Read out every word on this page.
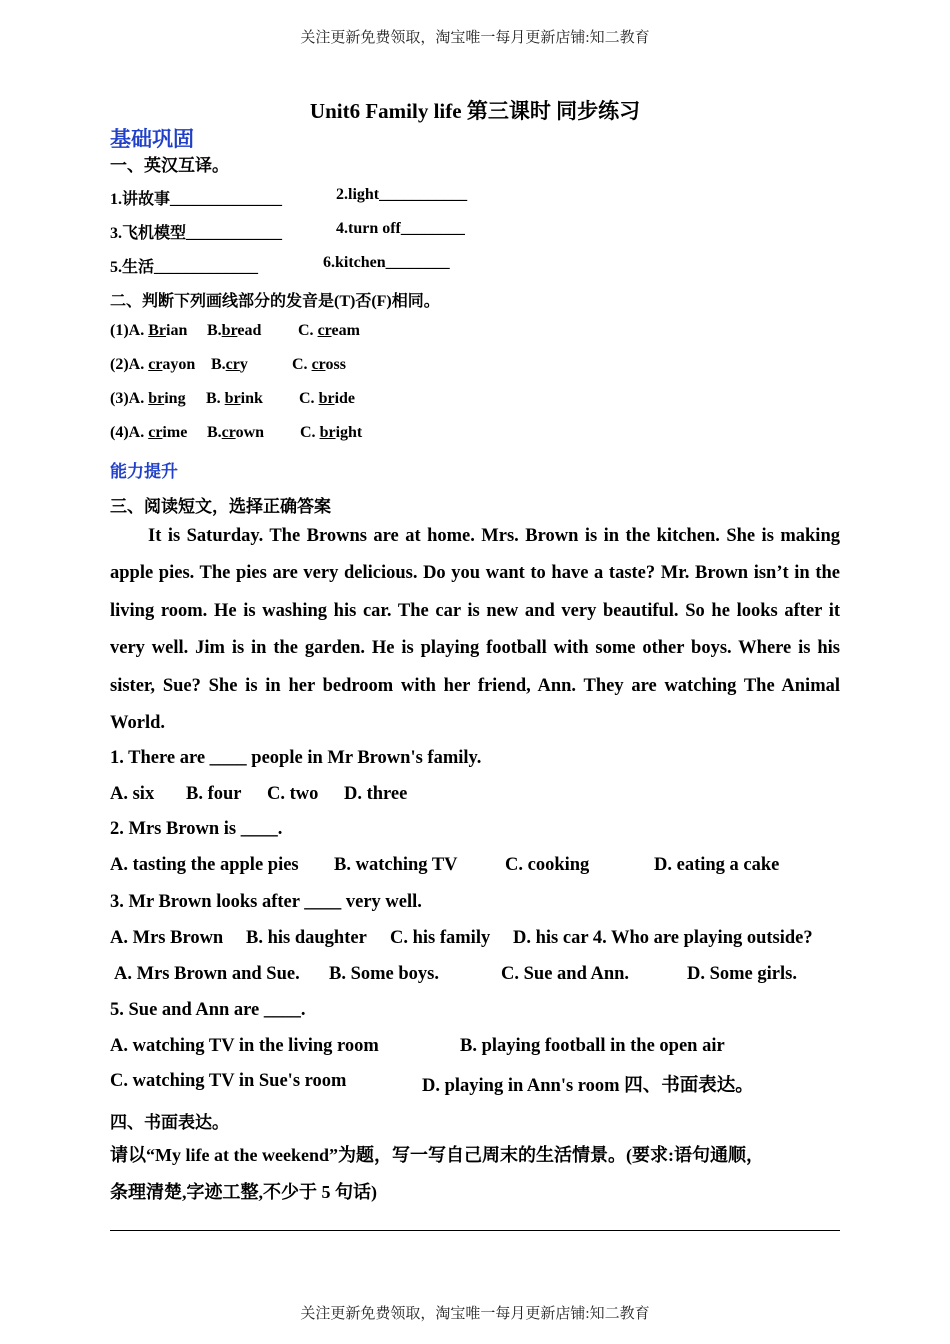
关注更新免费领取，淘宝唯一每月更新店铺:知二教育
Unit6 Family life 第三课时 同步练习
基础巩固
一、英汉互译。
1.讲故事______________	2.light___________
3.飞机模型____________	4.turn off________
5.生活_____________	6.kitchen________
二、判断下列画线部分的发音是(T)否(F)相同。
(1)A. Brian B.bread C. cream
(2)A. crayon B.cry	C. cross
(3)A. bring B. brink C. bride
(4)A. crime B.crown C. bright
能力提升
三、阅读短文，选择正确答案
It is Saturday. The Browns are at home. Mrs. Brown is in the kitchen. She is making apple pies. The pies are very delicious. Do you want to have a taste? Mr. Brown isn’t in the living room. He is washing his car. The car is new and very beautiful. So he looks after it very well. Jim is in the garden. He is playing football with some other boys. Where is his sister, Sue? She is in her bedroom with her friend, Ann. They are watching The Animal World.
1. There are ____ people in Mr Brown's family.
A. six B. four C. two D. three
2. Mrs Brown is ____.
A. tasting the apple pies B. watching TV	C. cooking	D. eating a cake
3. Mr Brown looks after ____ very well.
A. Mrs Brown B. his daughter C. his family D. his car 4. Who are playing outside?
A. Mrs Brown and Sue. B. Some boys.	C. Sue and Ann.	D. Some girls.
5. Sue and Ann are ____.
A. watching TV in the living room	B. playing football in the open air
C. watching TV in Sue's room	D. playing in Ann's room 四、书面表达。
四、书面表达。
请以“My life at the weekend”为题，写一写自己周末的生活情景。(要求:语句通顺，
条理清楚,字迹工整,不少于 5 句话)
关注更新免费领取，淘宝唯一每月更新店铺:知二教育
